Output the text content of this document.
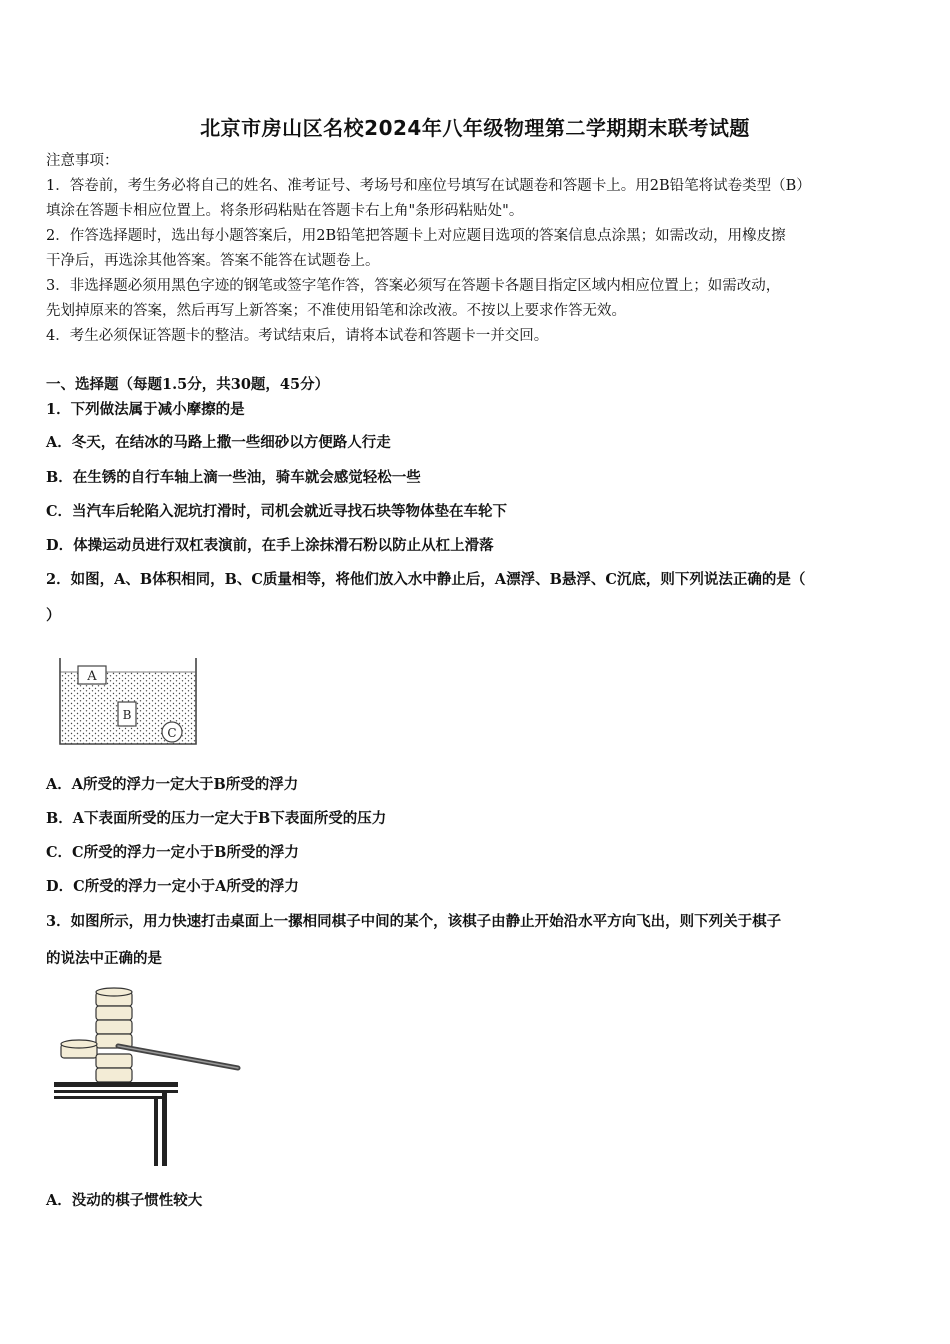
北京市房山区名校2024年八年级物理第二学期期末联考试题
注意事项：
1．答卷前，考生务必将自己的姓名、准考证号、考场号和座位号填写在试题卷和答题卡上。用2B铅笔将试卷类型（B）
填涂在答题卡相应位置上。将条形码粘贴在答题卡右上角"条形码粘贴处"。
2．作答选择题时，选出每小题答案后，用2B铅笔把答题卡上对应题目选项的答案信息点涂黑；如需改动，用橡皮擦
干净后，再选涂其他答案。答案不能答在试题卷上。
3．非选择题必须用黑色字迹的钢笔或签字笔作答，答案必须写在答题卡各题目指定区域内相应位置上；如需改动，
先划掉原来的答案，然后再写上新答案；不准使用铅笔和涂改液。不按以上要求作答无效。
4．考生必须保证答题卡的整洁。考试结束后，请将本试卷和答题卡一并交回。
一、选择题（每题1.5分，共30题，45分）
1．下列做法属于减小摩擦的是
A．冬天，在结冰的马路上撒一些细砂以方便路人行走
B．在生锈的自行车轴上滴一些油，骑车就会感觉轻松一些
C．当汽车后轮陷入泥坑打滑时，司机会就近寻找石块等物体垫在车轮下
D．体操运动员进行双杠表演前，在手上涂抹滑石粉以防止从杠上滑落
2．如图，A、B体积相同，B、C质量相等，将他们放入水中静止后，A漂浮、B悬浮、C沉底，则下列说法正确的是（
）
A
B
C
A．A所受的浮力一定大于B所受的浮力
B．A下表面所受的压力一定大于B下表面所受的压力
C．C所受的浮力一定小于B所受的浮力
D．C所受的浮力一定小于A所受的浮力
3．如图所示，用力快速打击桌面上一摞相同棋子中间的某个，该棋子由静止开始沿水平方向飞出，则下列关于棋子
的说法中正确的是
A．没动的棋子惯性较大
